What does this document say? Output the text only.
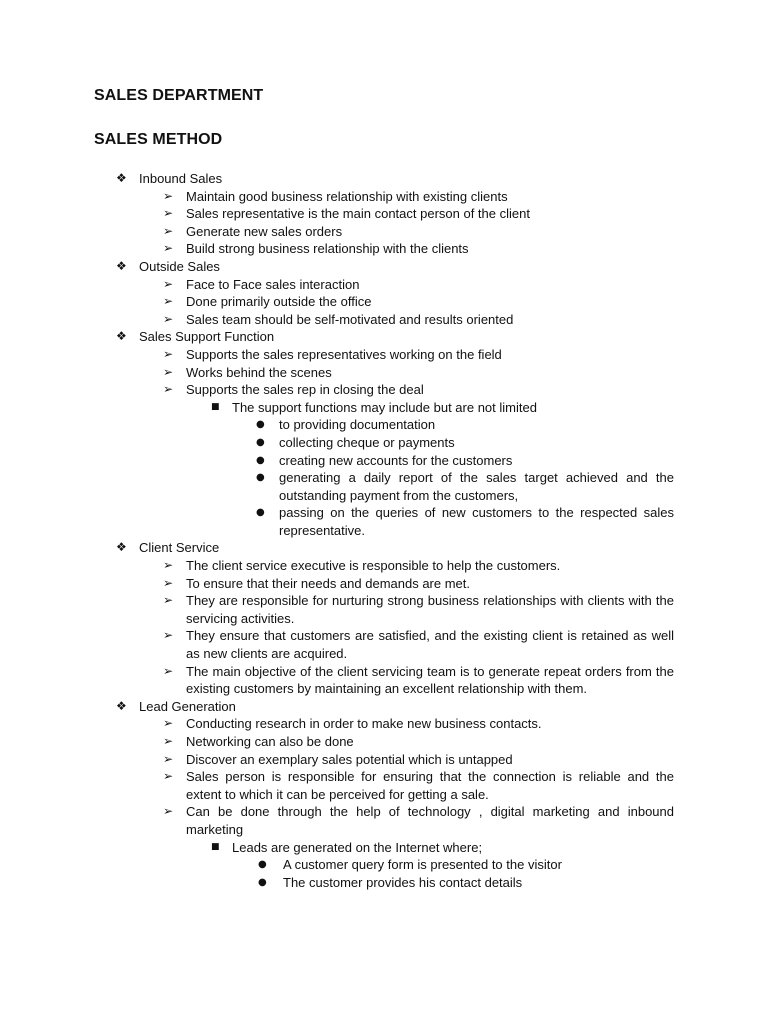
SALES DEPARTMENT
SALES METHOD
❖ Inbound Sales
➢ Maintain good business relationship with existing clients
➢ Sales representative is the main contact person of the client
➢ Generate new sales orders
➢ Build strong business relationship with the clients
❖ Outside Sales
➢ Face to Face sales interaction
➢ Done primarily outside the office
➢ Sales team should be self-motivated and results oriented
❖ Sales Support Function
➢ Supports the sales representatives working on the field
➢ Works behind the scenes
➢ Supports the sales rep in closing the deal
■ The support functions may include but are not limited
● to providing documentation
● collecting cheque or payments
● creating new accounts for the customers
● generating a daily report of the sales target achieved and the outstanding payment from the customers,
● passing on the queries of new customers to the respected sales representative.
❖ Client Service
➢ The client service executive is responsible to help the customers.
➢ To ensure that their needs and demands are met.
➢ They are responsible for nurturing strong business relationships with clients with the servicing activities.
➢ They ensure that customers are satisfied, and the existing client is retained as well as new clients are acquired.
➢ The main objective of the client servicing team is to generate repeat orders from the existing customers by maintaining an excellent relationship with them.
❖ Lead Generation
➢ Conducting research in order to make new business contacts.
➢ Networking can also be done
➢ Discover an exemplary sales potential which is untapped
➢ Sales person is responsible for ensuring that the connection is reliable and the extent to which it can be perceived for getting a sale.
➢ Can be done through the help of technology , digital marketing and inbound marketing
■ Leads are generated on the Internet where;
● A customer query form is presented to the visitor
● The customer provides his contact details
